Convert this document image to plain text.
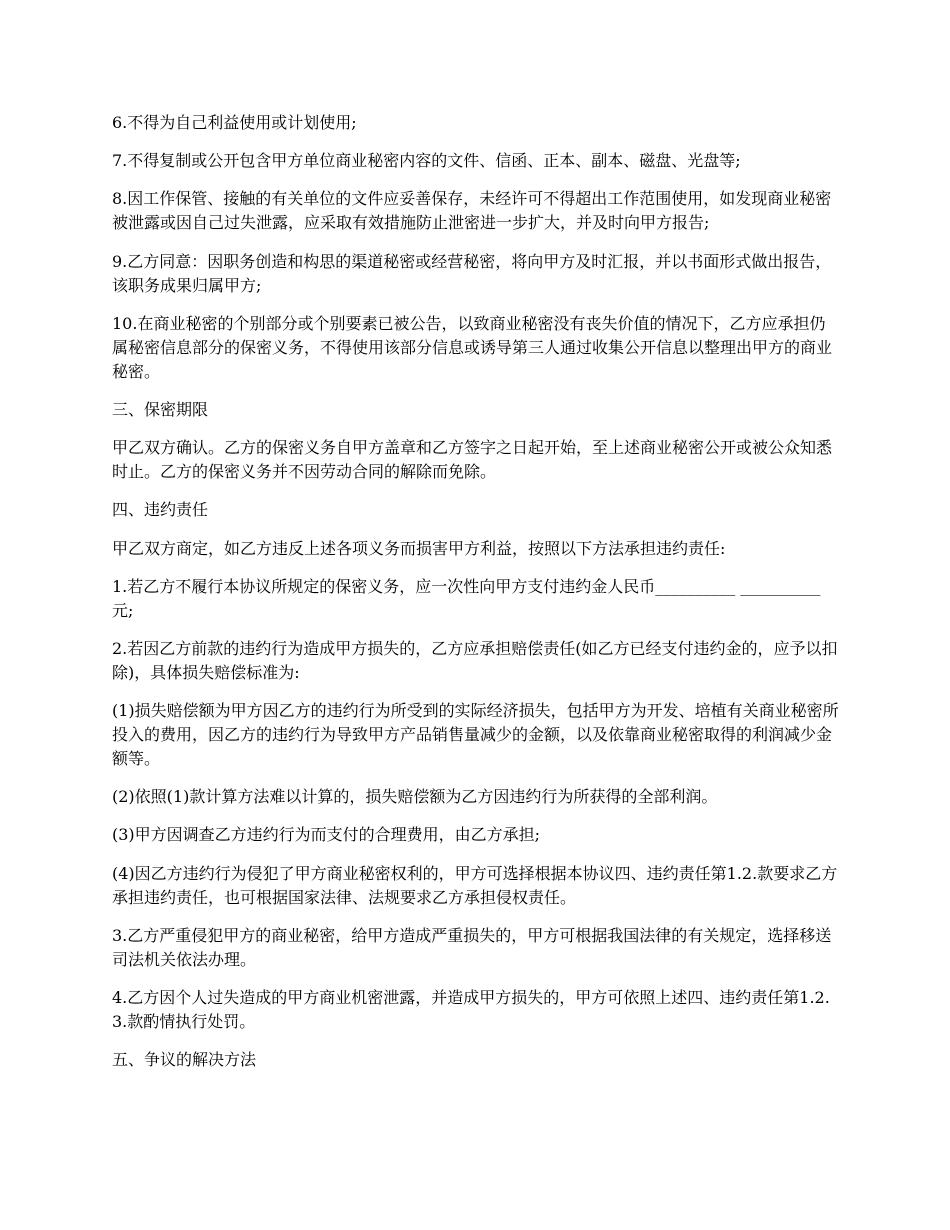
6.不得为自己利益使用或计划使用;

7.不得复制或公开包含甲方单位商业秘密内容的文件、信函、正本、副本、磁盘、光盘等;

8.因工作保管、接触的有关单位的文件应妥善保存，未经许可不得超出工作范围使用，如发现商业秘密被泄露或因自己过失泄露，应采取有效措施防止泄密进一步扩大，并及时向甲方报告;

9.乙方同意：因职务创造和构思的渠道秘密或经营秘密，将向甲方及时汇报，并以书面形式做出报告，该职务成果归属甲方;

10.在商业秘密的个别部分或个别要素已被公告，以致商业秘密没有丧失价值的情况下，乙方应承担仍属秘密信息部分的保密义务，不得使用该部分信息或诱导第三人通过收集公开信息以整理出甲方的商业秘密。

三、保密期限

甲乙双方确认。乙方的保密义务自甲方盖章和乙方签字之日起开始，至上述商业秘密公开或被公众知悉时止。乙方的保密义务并不因劳动合同的解除而免除。

四、违约责任

甲乙双方商定，如乙方违反上述各项义务而损害甲方利益，按照以下方法承担违约责任:

1.若乙方不履行本协议所规定的保密义务，应一次性向甲方支付违约金人民币__________ __________元;

2.若因乙方前款的违约行为造成甲方损失的，乙方应承担赔偿责任(如乙方已经支付违约金的，应予以扣除)，具体损失赔偿标准为:

(1)损失赔偿额为甲方因乙方的违约行为所受到的实际经济损失，包括甲方为开发、培植有关商业秘密所投入的费用，因乙方的违约行为导致甲方产品销售量减少的金额，以及依靠商业秘密取得的利润减少金额等。

(2)依照(1)款计算方法难以计算的，损失赔偿额为乙方因违约行为所获得的全部利润。

(3)甲方因调查乙方违约行为而支付的合理费用，由乙方承担;

(4)因乙方违约行为侵犯了甲方商业秘密权利的，甲方可选择根据本协议四、违约责任第1.2.款要求乙方承担违约责任，也可根据国家法律、法规要求乙方承担侵权责任。

3.乙方严重侵犯甲方的商业秘密，给甲方造成严重损失的，甲方可根据我国法律的有关规定，选择移送司法机关依法办理。

4.乙方因个人过失造成的甲方商业机密泄露，并造成甲方损失的，甲方可依照上述四、违约责任第1.2.3.款酌情执行处罚。

五、争议的解决方法
